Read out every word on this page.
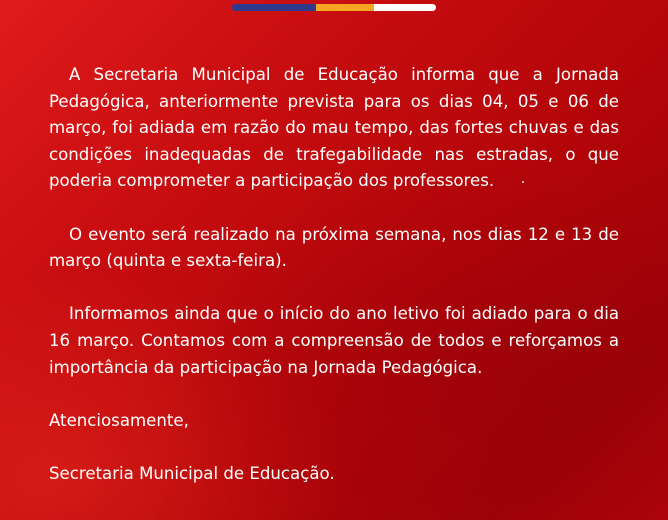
A Secretaria Municipal de Educação informa que a Jornada Pedagógica, anteriormente prevista para os dias 04, 05 e 06 de março, foi adiada em razão do mau tempo, das fortes chuvas e das condições inadequadas de trafegabilidade nas estradas, o que poderia comprometer a participação dos professores.

O evento será realizado na próxima semana, nos dias 12 e 13 de março (quinta e sexta-feira).

Informamos ainda que o início do ano letivo foi adiado para o dia 16 março. Contamos com a compreensão de todos e reforçamos a importância da participação na Jornada Pedagógica.

Atenciosamente,

Secretaria Municipal de Educação.
